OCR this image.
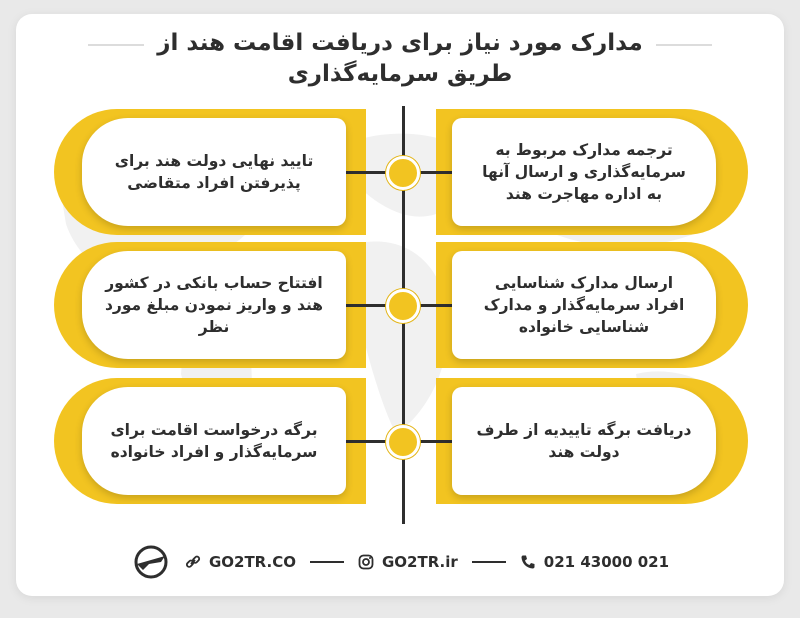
مدارک مورد نیاز برای دریافت اقامت هند از
طریق سرمایه‌گذاری
تایید نهایی دولت هند برای پذیرفتن افراد متقاضی
ترجمه مدارک مربوط به سرمایه‌گذاری و ارسال آنها به اداره مهاجرت هند
افتتاح حساب بانکی در کشور هند و واریز نمودن مبلغ مورد نظر
ارسال مدارک شناسایی افراد سرمایه‌گذار و مدارک شناسایی خانواده
برگه درخواست اقامت برای سرمایه‌گذار و افراد خانواده
دریافت برگه تاییدیه از طرف دولت هند
GO2TR.CO	GO2TR.ir	021 43000 021
